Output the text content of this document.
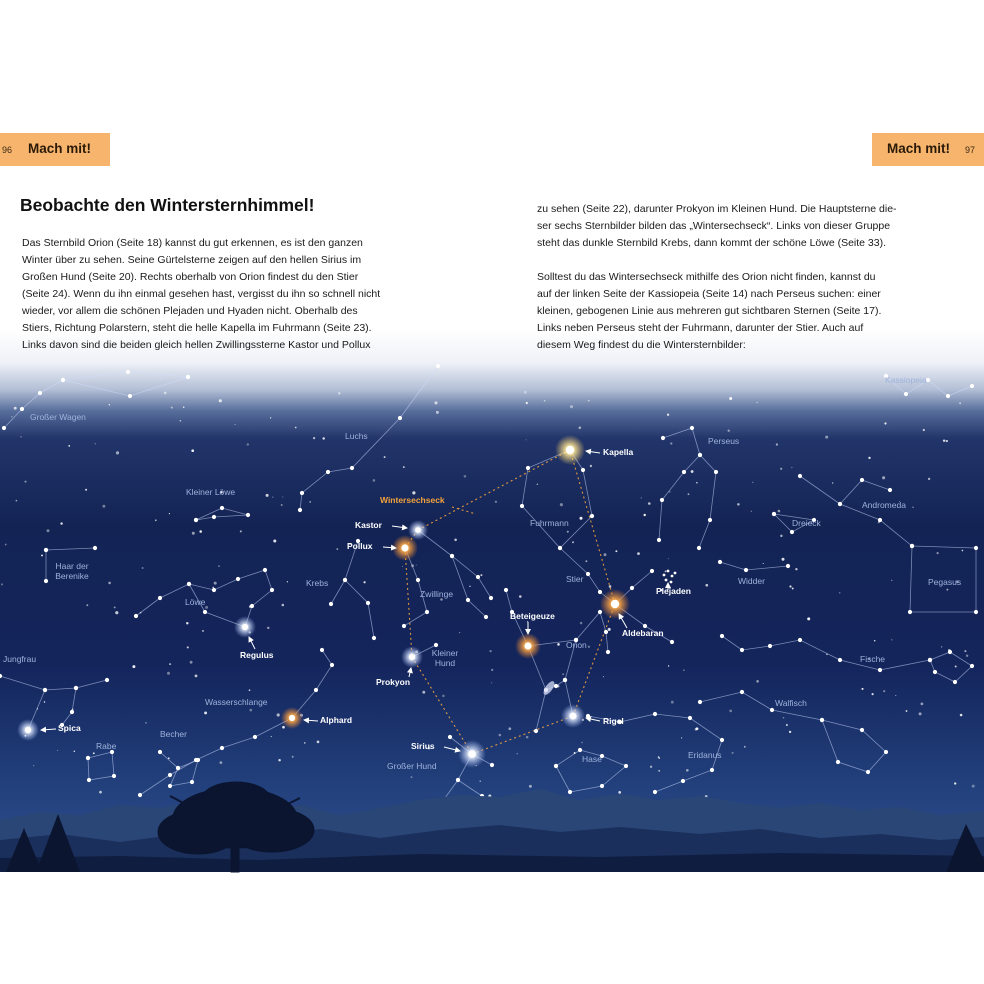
96 Mach mit!	Mach mit! 97
Beobachte den Wintersternhimmel!
Das Sternbild Orion (Seite 18) kannst du gut erkennen, es ist den ganzen
Winter über zu sehen. Seine Gürtelsterne zeigen auf den hellen Sirius im
Großen Hund (Seite 20). Rechts oberhalb von Orion findest du den Stier
(Seite 24). Wenn du ihn einmal gesehen hast, vergisst du ihn so schnell nicht
wieder, vor allem die schönen Plejaden und Hyaden nicht. Oberhalb des
Stiers, Richtung Polarstern, steht die helle Kapella im Fuhrmann (Seite 23).
Links davon sind die beiden gleich hellen Zwillingssterne Kastor und Pollux
zu sehen (Seite 22), darunter Prokyon im Kleinen Hund. Die Hauptsterne die-
ser sechs Sternbilder bilden das „Wintersechseck“. Links von dieser Gruppe
steht das dunkle Sternbild Krebs, dann kommt der schöne Löwe (Seite 33).
Solltest du das Wintersechseck mithilfe des Orion nicht finden, kannst du
auf der linken Seite der Kassiopeia (Seite 14) nach Perseus suchen: einer
kleinen, gebogenen Linie aus mehreren gut sichtbaren Sternen (Seite 17).
Links neben Perseus steht der Fuhrmann, darunter der Stier. Auch auf
diesem Weg findest du die Wintersternbilder:
Kassiopeia
Großer Wagen
Luchs	Perseus
Kapella
Kleiner Löwe
Wintersechseck	Andromeda
Kastor	Fuhrmann	Dreieck
Pollux
Haar der Berenike
Krebs
Zwillinge
Stier	Widder
Plejaden
Pegasus
Löwe
Beteigeuze
Aldebaran
Orion
Kleiner Hund
Regulus
Jungfrau	Fische
Prokyon
Wasserschlange	Walfisch
Alphard	Rigel
Spica
Becher
Rabe	Sirius
Großer Hund
Hase	Eridanus
